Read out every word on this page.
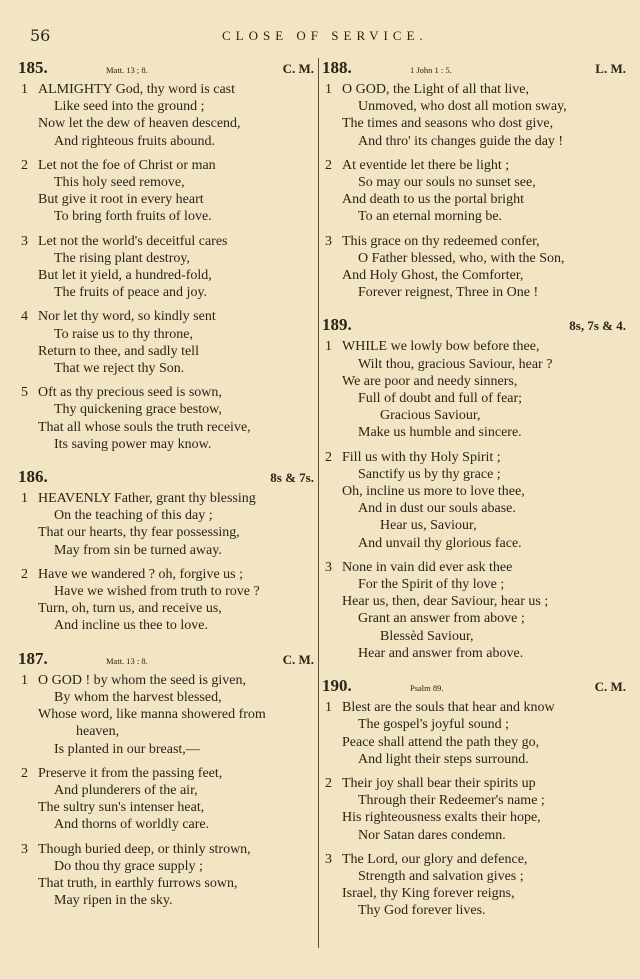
56	CLOSE OF SERVICE.
185.	Matt. 13 ; 8.	C. M.
1 ALMIGHTY God, thy word is cast
Like seed into the ground ;
Now let the dew of heaven descend,
And righteous fruits abound.
2 Let not the foe of Christ or man
This holy seed remove,
But give it root in every heart
To bring forth fruits of love.
3 Let not the world's deceitful cares
The rising plant destroy,
But let it yield, a hundred-fold,
The fruits of peace and joy.
4 Nor let thy word, so kindly sent
To raise us to thy throne,
Return to thee, and sadly tell
That we reject thy Son.
5 Oft as thy precious seed is sown,
Thy quickening grace bestow,
That all whose souls the truth receive,
Its saving power may know.
186.	8s & 7s.
1 HEAVENLY Father, grant thy blessing
On the teaching of this day ;
That our hearts, thy fear possessing,
May from sin be turned away.
2 Have we wandered ? oh, forgive us ;
Have we wished from truth to rove ?
Turn, oh, turn us, and receive us,
And incline us thee to love.
187.	Matt. 13 : 8.	C. M.
1 O GOD ! by whom the seed is given,
By whom the harvest blessed,
Whose word, like manna showered from
heaven,
Is planted in our breast,—
2 Preserve it from the passing feet,
And plunderers of the air,
The sultry sun's intenser heat,
And thorns of worldly care.
3 Though buried deep, or thinly strown,
Do thou thy grace supply ;
That truth, in earthly furrows sown,
May ripen in the sky.
188.	1 John 1 : 5.	L. M.
1 O GOD, the Light of all that live,
Unmoved, who dost all motion sway,
The times and seasons who dost give,
And thro' its changes guide the day !
2 At eventide let there be light ;
So may our souls no sunset see,
And death to us the portal bright
To an eternal morning be.
3 This grace on thy redeemed confer,
O Father blessed, who, with the Son,
And Holy Ghost, the Comforter,
Forever reignest, Three in One !
189.	8s, 7s & 4.
1 WHILE we lowly bow before thee,
Wilt thou, gracious Saviour, hear ?
We are poor and needy sinners,
Full of doubt and full of fear;
Gracious Saviour,
Make us humble and sincere.
2 Fill us with thy Holy Spirit ;
Sanctify us by thy grace ;
Oh, incline us more to love thee,
And in dust our souls abase.
Hear us, Saviour,
And unvail thy glorious face.
3 None in vain did ever ask thee
For the Spirit of thy love ;
Hear us, then, dear Saviour, hear us ;
Grant an answer from above ;
Blessèd Saviour,
Hear and answer from above.
190.	Psalm 89.	C. M.
1 Blest are the souls that hear and know
The gospel's joyful sound ;
Peace shall attend the path they go,
And light their steps surround.
2 Their joy shall bear their spirits up
Through their Redeemer's name ;
His righteousness exalts their hope,
Nor Satan dares condemn.
3 The Lord, our glory and defence,
Strength and salvation gives ;
Israel, thy King forever reigns,
Thy God forever lives.
